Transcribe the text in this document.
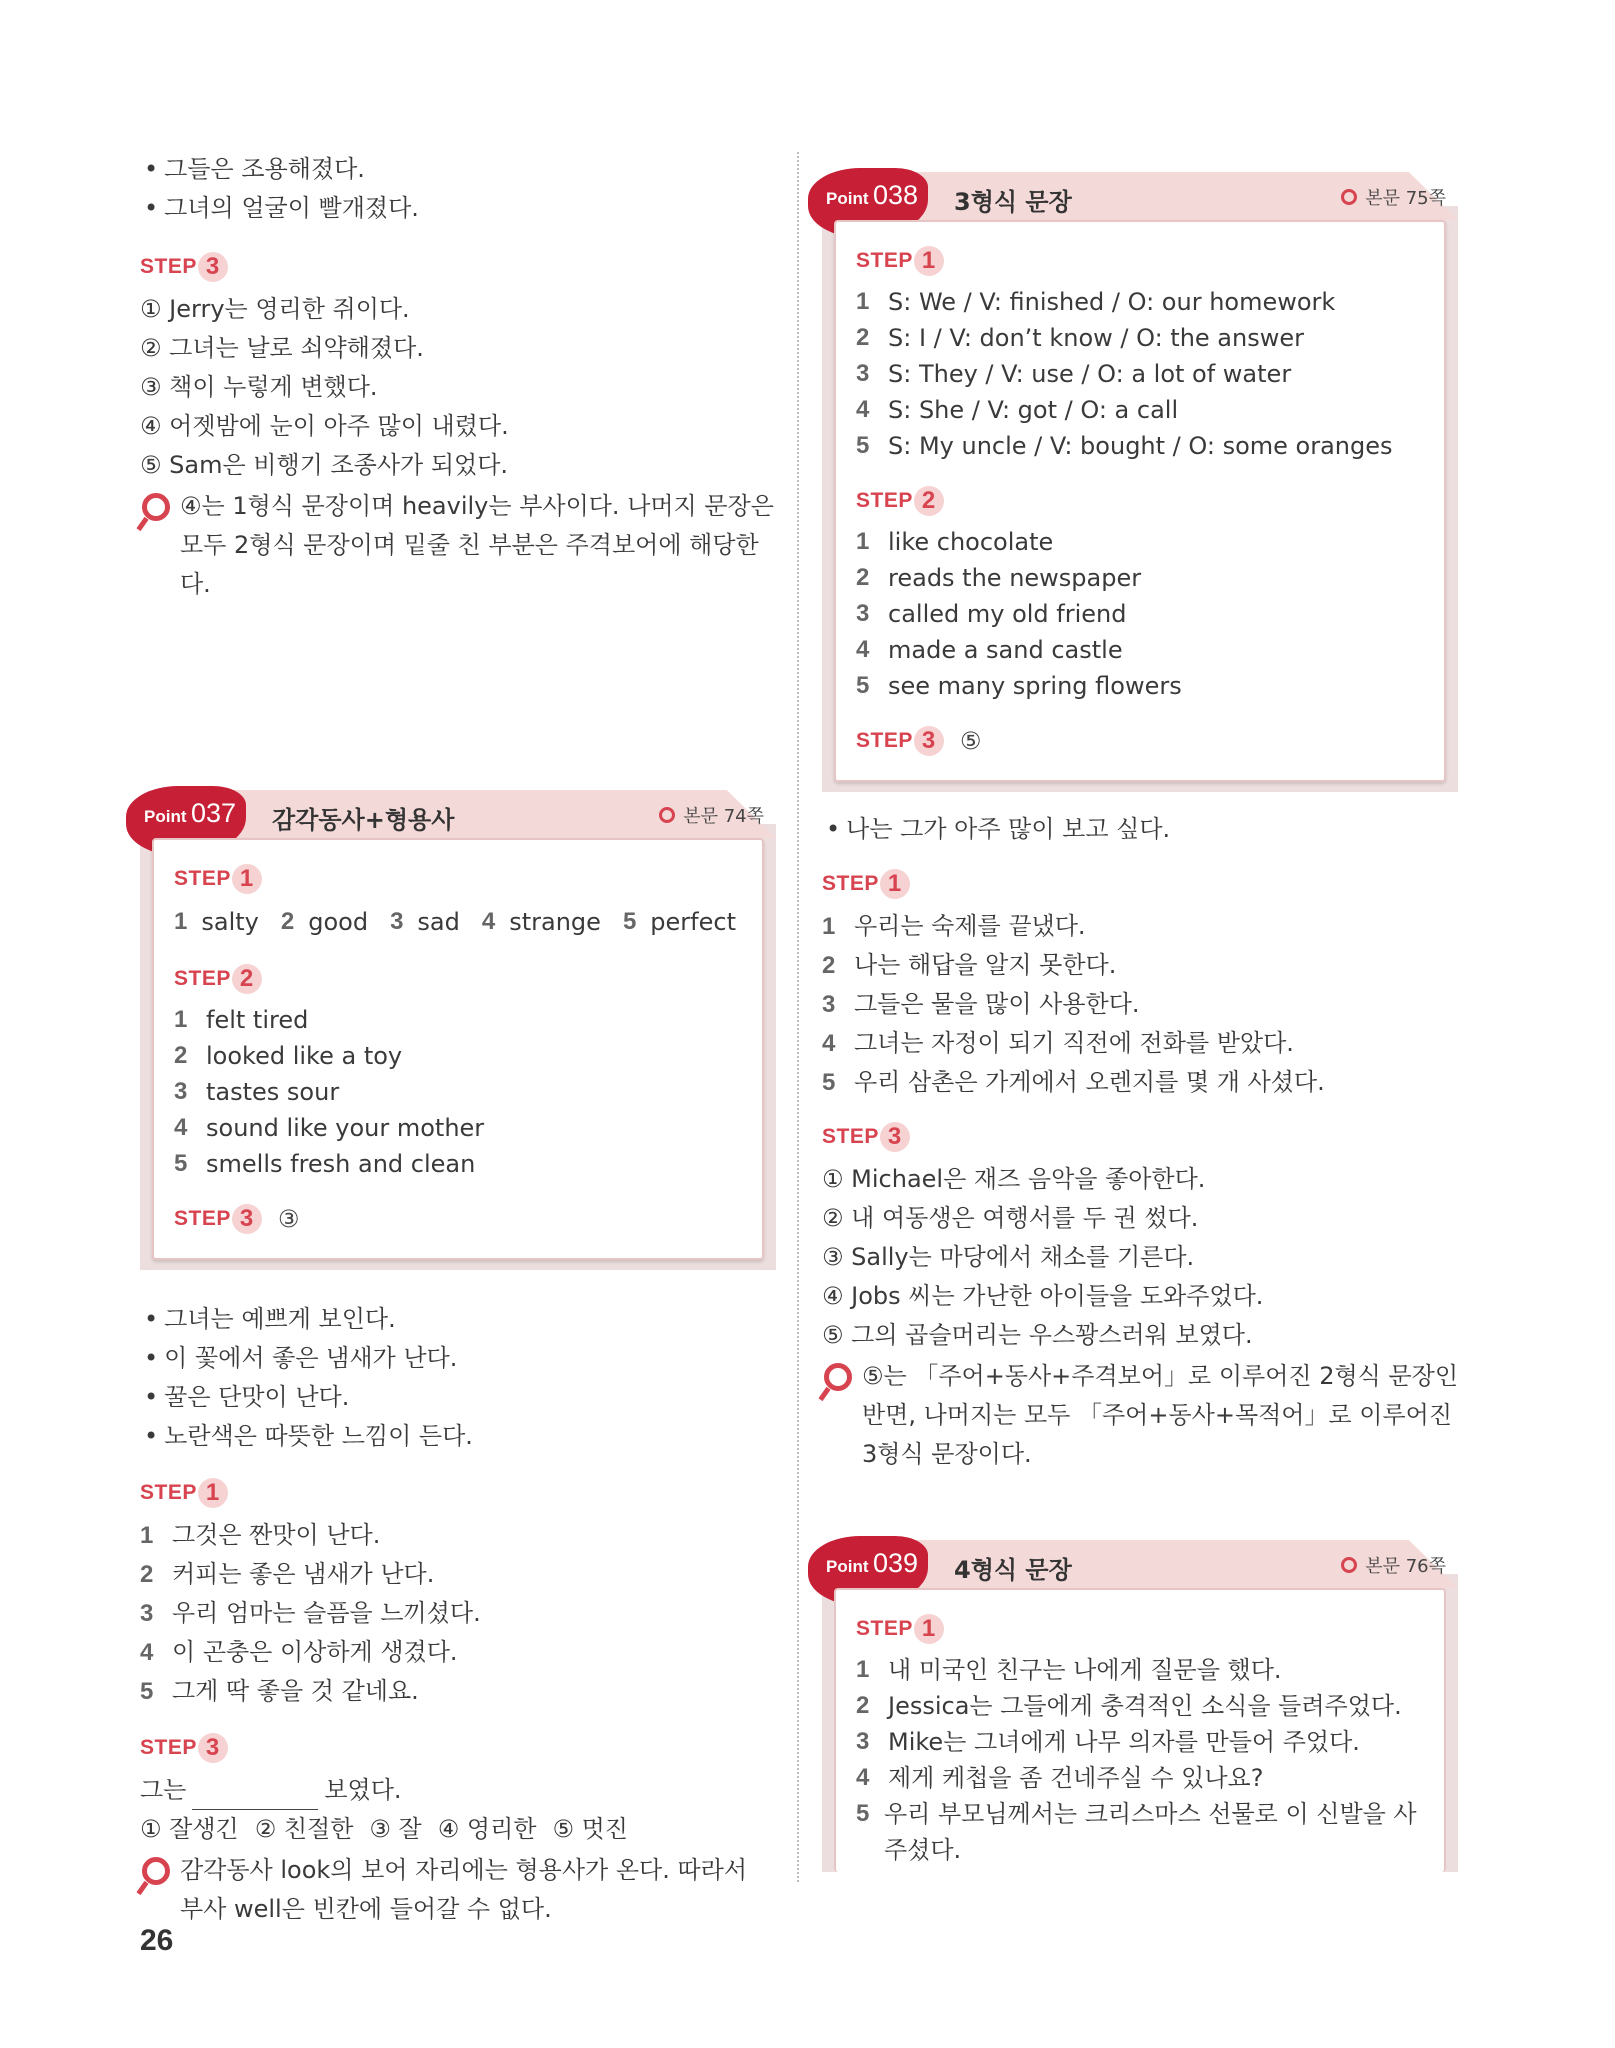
• 그들은 조용해졌다.
• 그녀의 얼굴이 빨개졌다.
STEP 3
① Jerry는 영리한 쥐이다.
② 그녀는 날로 쇠약해졌다.
③ 책이 누렇게 변했다.
④ 어젯밤에 눈이 아주 많이 내렸다.
⑤ Sam은 비행기 조종사가 되었다.
④는 1형식 문장이며 heavily는 부사이다. 나머지 문장은 모두 2형식 문장이며 밑줄 친 부분은 주격보어에 해당한다.
Point 037 감각동사+형용사	본문 74쪽
STEP 1
1 salty 2 good 3 sad 4 strange 5 perfect
STEP 2
1 felt tired
2 looked like a toy
3 tastes sour
4 sound like your mother
5 smells fresh and clean
STEP 3	③
• 그녀는 예쁘게 보인다.
• 이 꽃에서 좋은 냄새가 난다.
• 꿀은 단맛이 난다.
• 노란색은 따뜻한 느낌이 든다.
STEP 1
1 그것은 짠맛이 난다.
2 커피는 좋은 냄새가 난다.
3 우리 엄마는 슬픔을 느끼셨다.
4 이 곤충은 이상하게 생겼다.
5 그게 딱 좋을 것 같네요.
STEP 3
그는	보였다.
① 잘생긴 ② 친절한 ③ 잘 ④ 영리한 ⑤ 멋진
감각동사 look의 보어 자리에는 형용사가 온다. 따라서 부사 well은 빈칸에 들어갈 수 없다.
26
Point 038 3형식 문장	본문 75쪽
STEP 1
1 S: We / V: finished / O: our homework
2 S: I / V: don’t know / O: the answer
3 S: They / V: use / O: a lot of water
4 S: She / V: got / O: a call
5 S: My uncle / V: bought / O: some oranges
STEP 2
1 like chocolate
2 reads the newspaper
3 called my old friend
4 made a sand castle
5 see many spring flowers
STEP 3	⑤
• 나는 그가 아주 많이 보고 싶다.
STEP 1
1 우리는 숙제를 끝냈다.
2 나는 해답을 알지 못한다.
3 그들은 물을 많이 사용한다.
4 그녀는 자정이 되기 직전에 전화를 받았다.
5 우리 삼촌은 가게에서 오렌지를 몇 개 사셨다.
STEP 3
① Michael은 재즈 음악을 좋아한다.
② 내 여동생은 여행서를 두 권 썼다.
③ Sally는 마당에서 채소를 기른다.
④ Jobs 씨는 가난한 아이들을 도와주었다.
⑤ 그의 곱슬머리는 우스꽝스러워 보였다.
⑤는 「주어+동사+주격보어」로 이루어진 2형식 문장인 반면, 나머지는 모두 「주어+동사+목적어」로 이루어진 3형식 문장이다.
Point 039 4형식 문장	본문 76쪽
STEP 1
1 내 미국인 친구는 나에게 질문을 했다.
2 Jessica는 그들에게 충격적인 소식을 들려주었다.
3 Mike는 그녀에게 나무 의자를 만들어 주었다.
4 제게 케첩을 좀 건네주실 수 있나요?
5 우리 부모님께서는 크리스마스 선물로 이 신발을 사 주셨다.
